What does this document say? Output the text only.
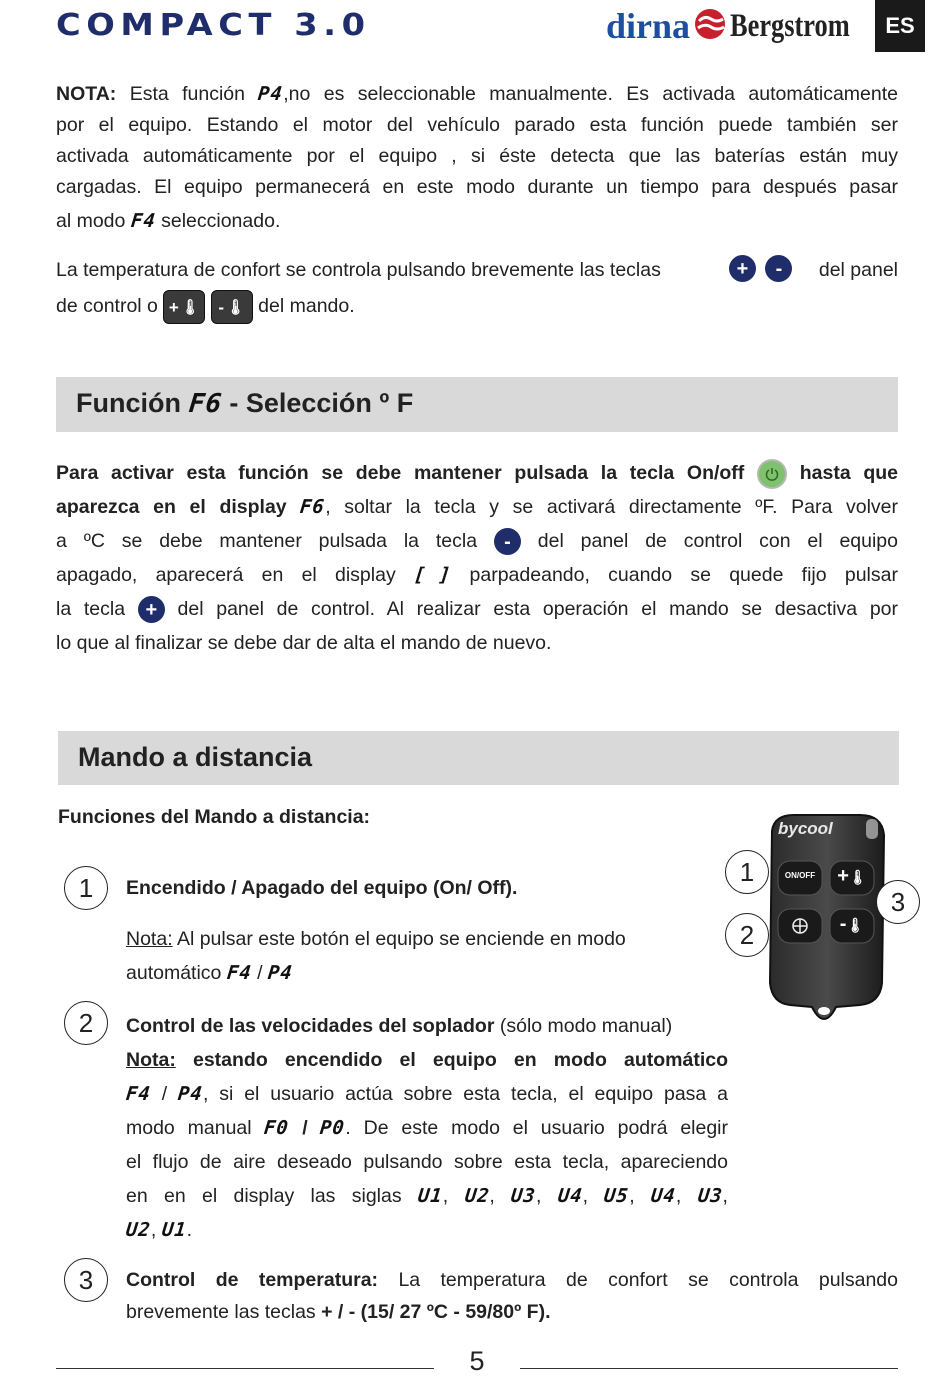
COMPACT 3.0	dirna Bergstrom	ES
NOTA: Esta función P4,no es seleccionable manualmente. Es activada automáticamente
por el equipo. Estando el motor del vehículo parado esta función puede también ser
activada automáticamente por el equipo , si éste detecta que las baterías están muy
cargadas. El equipo permanecerá en este modo durante un tiempo para después pasar
al modo F4 seleccionado.
La temperatura de confort se controla pulsando brevemente las teclas	+ -	del panel
de control o + 🌡
- 🌡 del mando.
Función F6 - Selección º F
Para activar esta función se debe mantener pulsada la tecla On/off	hasta que
aparezca en el display F6, soltar la tecla y se activará directamente ºF. Para volver
a ºC se debe mantener pulsada la tecla - del panel de control con el equipo
apagado, aparecerá en el display [ ] parpadeando, cuando se quede fijo pulsar
la tecla + del panel de control. Al realizar esta operación el mando se desactiva por
lo que al finalizar se debe dar de alta el mando de nuevo.
Mando a distancia
Funciones del Mando a distancia:
1	Encendido / Apagado del equipo (On/ Off).
Nota: Al pulsar este botón el equipo se enciende en modo
automático F4 / P4
2	Control de las velocidades del soplador (sólo modo manual)
Nota: estando encendido el equipo en modo automático
F4 / P4, si el usuario actúa sobre esta tecla, el equipo pasa a
modo manual F0 / P0. De este modo el usuario podrá elegir
el flujo de aire deseado pulsando sobre esta tecla, apareciendo
en en el display las siglas U1, U2, U3, U4, U5, U4, U3,
U2, U1.
3	Control de temperatura: La temperatura de confort se controla pulsando
brevemente las teclas + / - (15/ 27 ºC - 59/80º F).
bycool
ON/OFF	+🌡
-🌡
1
2
3
5
